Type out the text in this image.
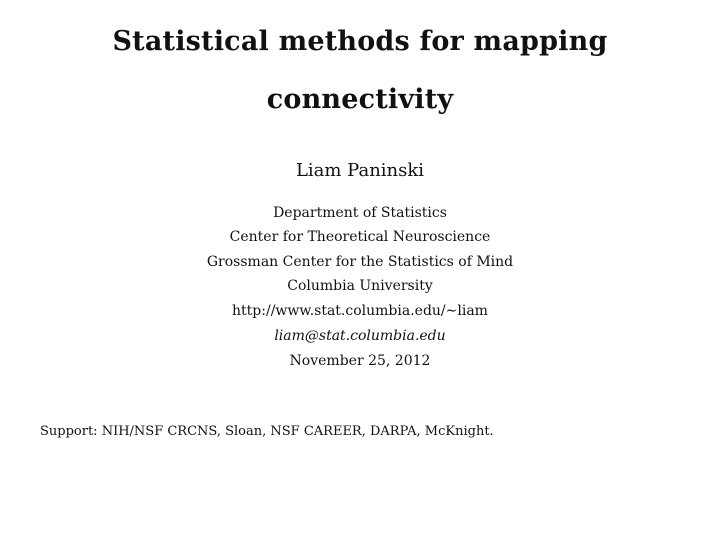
Statistical methods for mapping
connectivity
Liam Paninski
Department of Statistics
Center for Theoretical Neuroscience
Grossman Center for the Statistics of Mind
Columbia University
http://www.stat.columbia.edu/∼liam
liam@stat.columbia.edu
November 25, 2012
Support: NIH/NSF CRCNS, Sloan, NSF CAREER, DARPA, McKnight.
